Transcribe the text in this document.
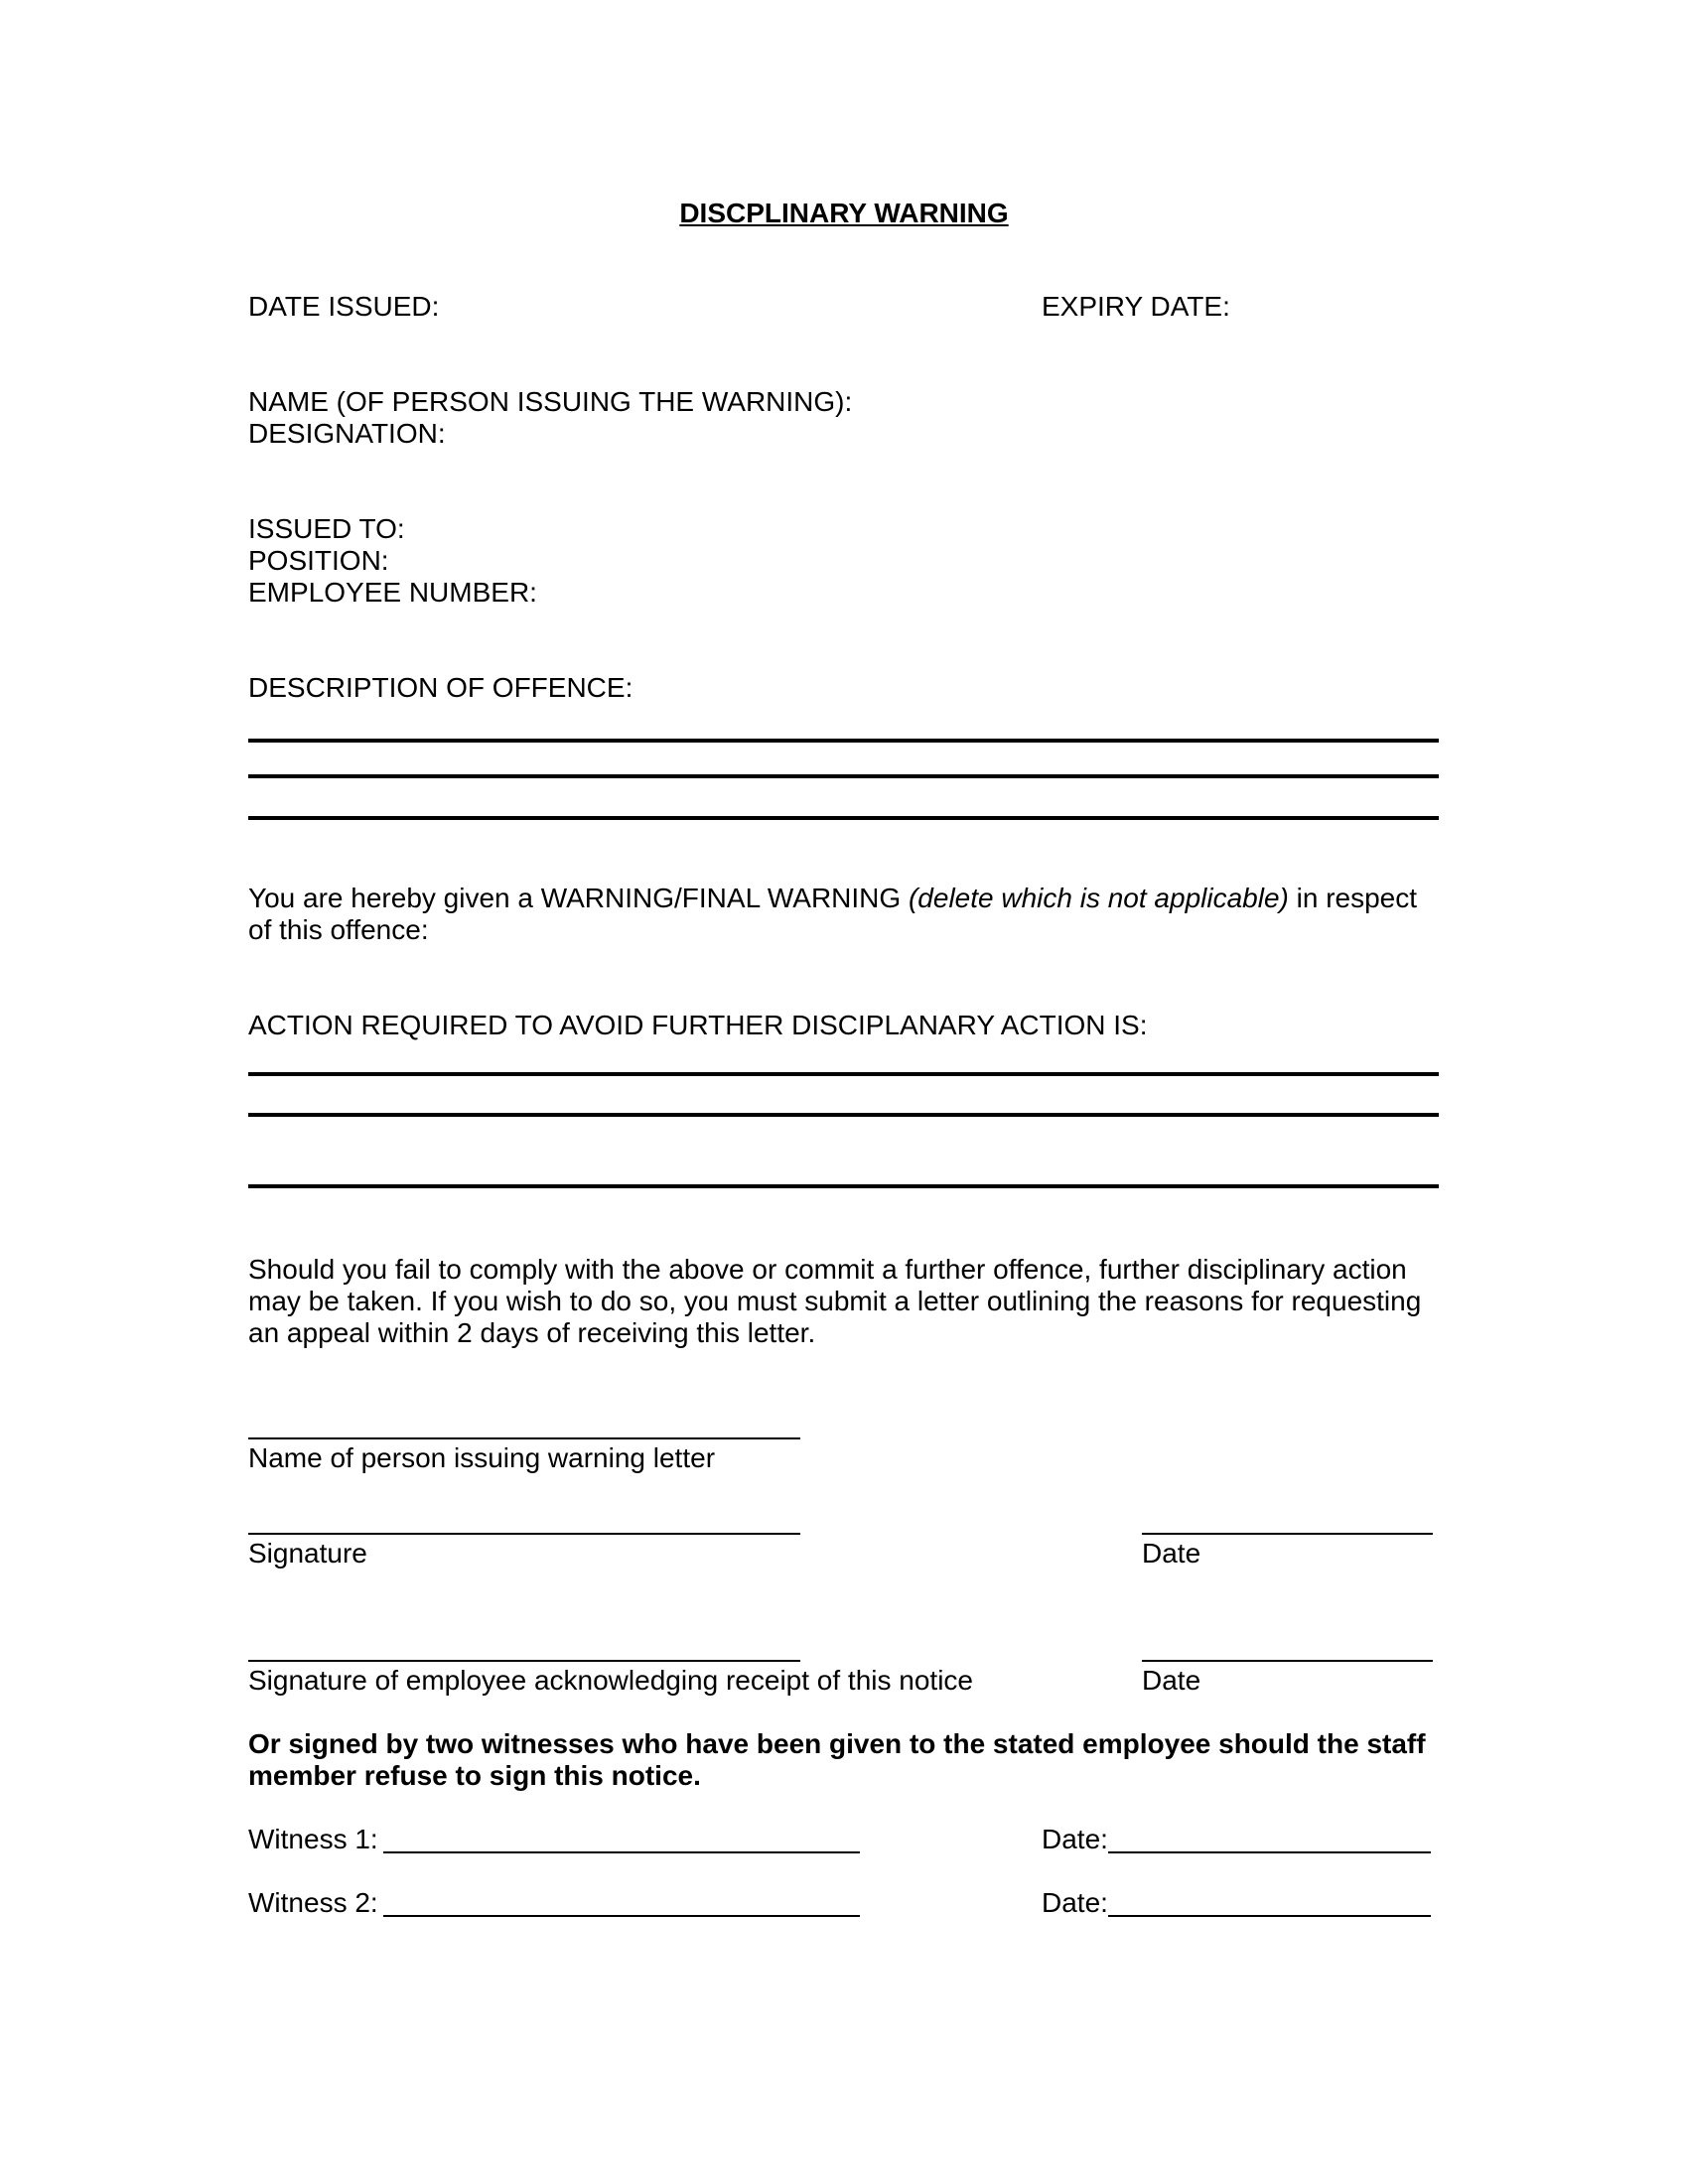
DISCPLINARY WARNING
DATE ISSUED:	EXPIRY DATE:
NAME (OF PERSON ISSUING THE WARNING):
DESIGNATION:
ISSUED TO:
POSITION:
EMPLOYEE NUMBER:
DESCRIPTION OF OFFENCE:
You are hereby given a WARNING/FINAL WARNING (delete which is not applicable) in respect of this offence:
ACTION REQUIRED TO AVOID FURTHER DISCIPLANARY ACTION IS:
Should you fail to comply with the above or commit a further offence, further disciplinary action may be taken. If you wish to do so, you must submit a letter outlining the reasons for requesting an appeal within 2 days of receiving this letter.
Name of person issuing warning letter
Signature	Date
Signature of employee acknowledging receipt of this notice	Date
Or signed by two witnesses who have been given to the stated employee should the staff member refuse to sign this notice.
Witness 1:	Date:
Witness 2:	Date:
